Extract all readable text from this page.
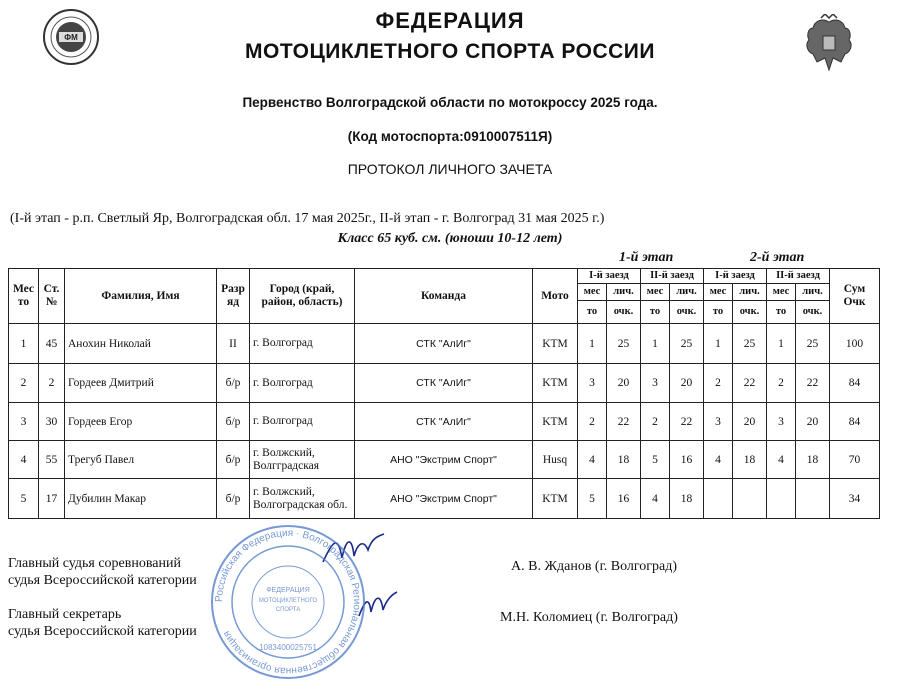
ФМ
ФЕДЕРАЦИЯ
МОТОЦИКЛЕТНОГО СПОРТА РОССИИ
Первенство Волгоградской области по мотокроссу 2025 года.
(Код мотоспорта:0910007511Я)
ПРОТОКОЛ ЛИЧНОГО ЗАЧЕТА
(I-й этап - р.п. Светлый Яр, Волгоградская обл. 17 мая 2025г., II-й этап - г. Волгоград 31 мая 2025 г.)
Класс 65 куб. см. (юноши 10-12 лет)
1-й этап	2-й этап
Мес то	Ст. №	Фамилия, Имя	Разр яд	Город (край, район, область)	Команда	Мото	I-й заезд		II-й заезд		I-й заезд		II-й заезд		Сум Очк
							мес	лич.	мес	лич.	мес	лич.	мес	лич.	
							то	очк.	то	очк.	то	очк.	то	очк.	
1	45	Анохин Николай	II	г. Волгоград	СТК "АлИг"	KTM	1	25	1	25	1	25	1	25	100
2	2	Гордеев Дмитрий	б/р	г. Волгоград	СТК "АлИг"	KTM	3	20	3	20	2	22	2	22	84
3	30	Гордеев Егор	б/р	г. Волгоград	СТК "АлИг"	KTM	2	22	2	22	3	20	3	20	84
4	55	Трегуб Павел	б/р	г. Волжский, Волгградская	АНО "Экстрим Спорт"	Husq	4	18	5	16	4	18	4	18	70
5	17	Дубилин Макар	б/р	г. Волжский, Волгоградская обл.	АНО "Экстрим Спорт"	KTM	5	16	4	18					34
Главный судья соревнований
судья Всероссийской категории
А. В. Жданов (г. Волгоград)
Главный секретарь
судья Всероссийской категории
М.Н. Коломиец (г. Волгоград)
Российская Федерация · Волгоградская Региональная общественная организация
ФЕДЕРАЦИЯ
МОТОЦИКЛЕТНОГО
СПОРТА
1083400025751
